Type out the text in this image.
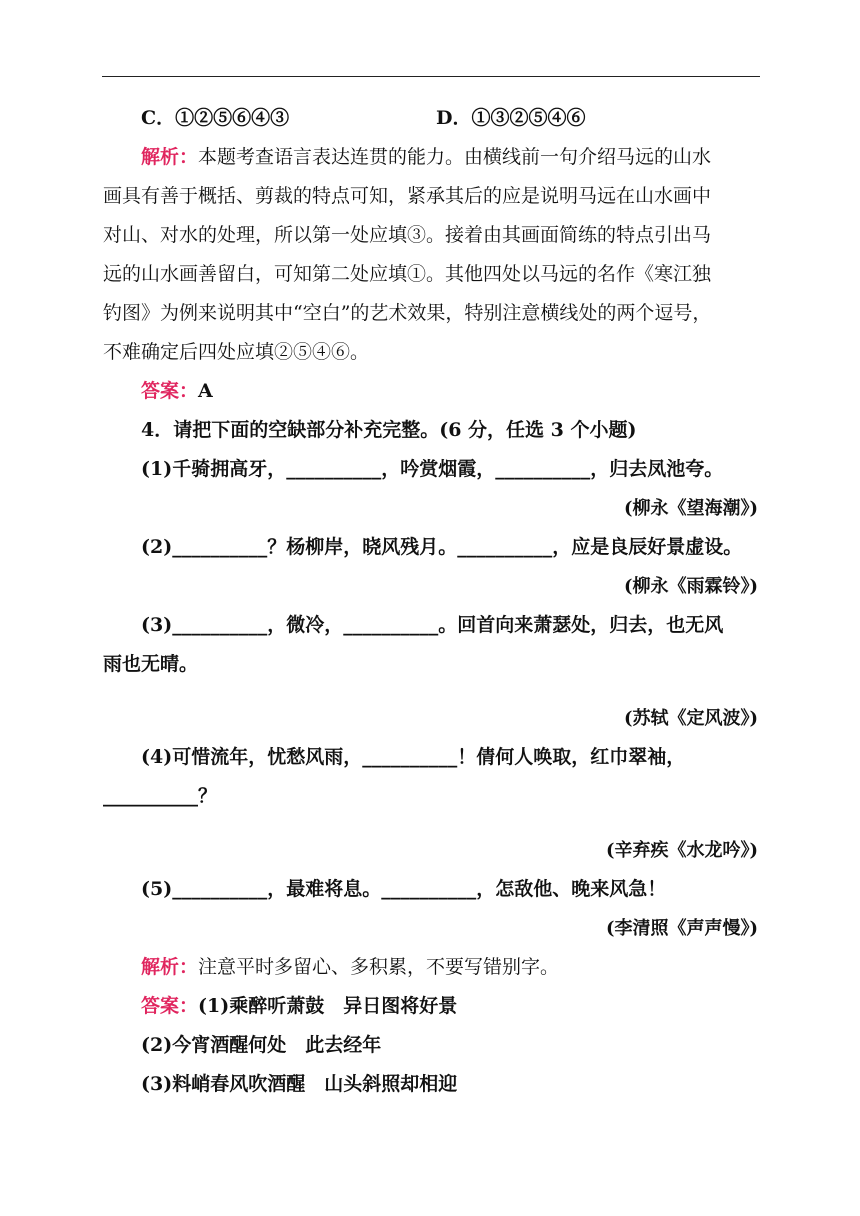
C．①②⑤⑥④③	D．①③②⑤④⑥
解析：本题考查语言表达连贯的能力。由横线前一句介绍马远的山水
画具有善于概括、剪裁的特点可知，紧承其后的应是说明马远在山水画中
对山、对水的处理，所以第一处应填③。接着由其画面简练的特点引出马
远的山水画善留白，可知第二处应填①。其他四处以马远的名作《寒江独
钓图》为例来说明其中“空白”的艺术效果，特别注意横线处的两个逗号，
不难确定后四处应填②⑤④⑥。
答案：A
4．请把下面的空缺部分补充完整。(6 分，任选 3 个小题)
(1)千骑拥高牙，__________，吟赏烟霞，__________，归去凤池夸。
(柳永《望海潮》)
(2)__________？杨柳岸，晓风残月。__________，应是良辰好景虚设。
(柳永《雨霖铃》)
(3)__________，微冷，__________。回首向来萧瑟处，归去，也无风
雨也无晴。
(苏轼《定风波》)
(4)可惜流年，忧愁风雨，__________！倩何人唤取，红巾翠袖，
__________？
(辛弃疾《水龙吟》)
(5)__________，最难将息。__________，怎敌他、晚来风急！
(李清照《声声慢》)
解析：注意平时多留心、多积累，不要写错别字。
答案：(1)乘醉听萧鼓　异日图将好景
(2)今宵酒醒何处　此去经年
(3)料峭春风吹酒醒　山头斜照却相迎
